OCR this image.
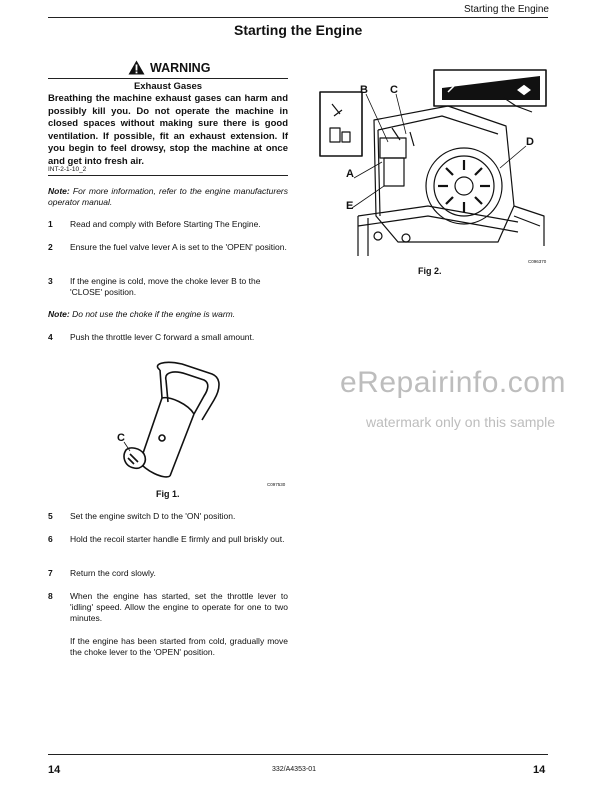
Starting the Engine
Starting the Engine
WARNING
Exhaust Gases
Breathing the machine exhaust gases can harm and possibly kill you. Do not operate the machine in closed spaces without making sure there is good ventilation. If possible, fit an exhaust extension. If you begin to feel drowsy, stop the machine at once and get into fresh air.
INT-2-1-10_2
Note: For more information, refer to the engine manufacturers operator manual.
1 Read and comply with Before Starting The Engine.
2 Ensure the fuel valve lever A is set to the 'OPEN' position.
3 If the engine is cold, move the choke lever B to the 'CLOSE' position.
Note: Do not use the choke if the engine is warm.
4 Push the throttle lever C forward a small amount.
C
C097530
Fig 1.
5 Set the engine switch D to the 'ON' position.
6 Hold the recoil starter handle E firmly and pull briskly out.
7 Return the cord slowly.
8 When the engine has started, set the throttle lever to 'idling' speed. Allow the engine to operate for one to two minutes.
If the engine has been started from cold, gradually move the choke lever to the 'OPEN' position.
B C
D
A
E
C096370
Fig 2.
eRepairinfo.com
watermark only on this sample
14	332/A4353-01	14
